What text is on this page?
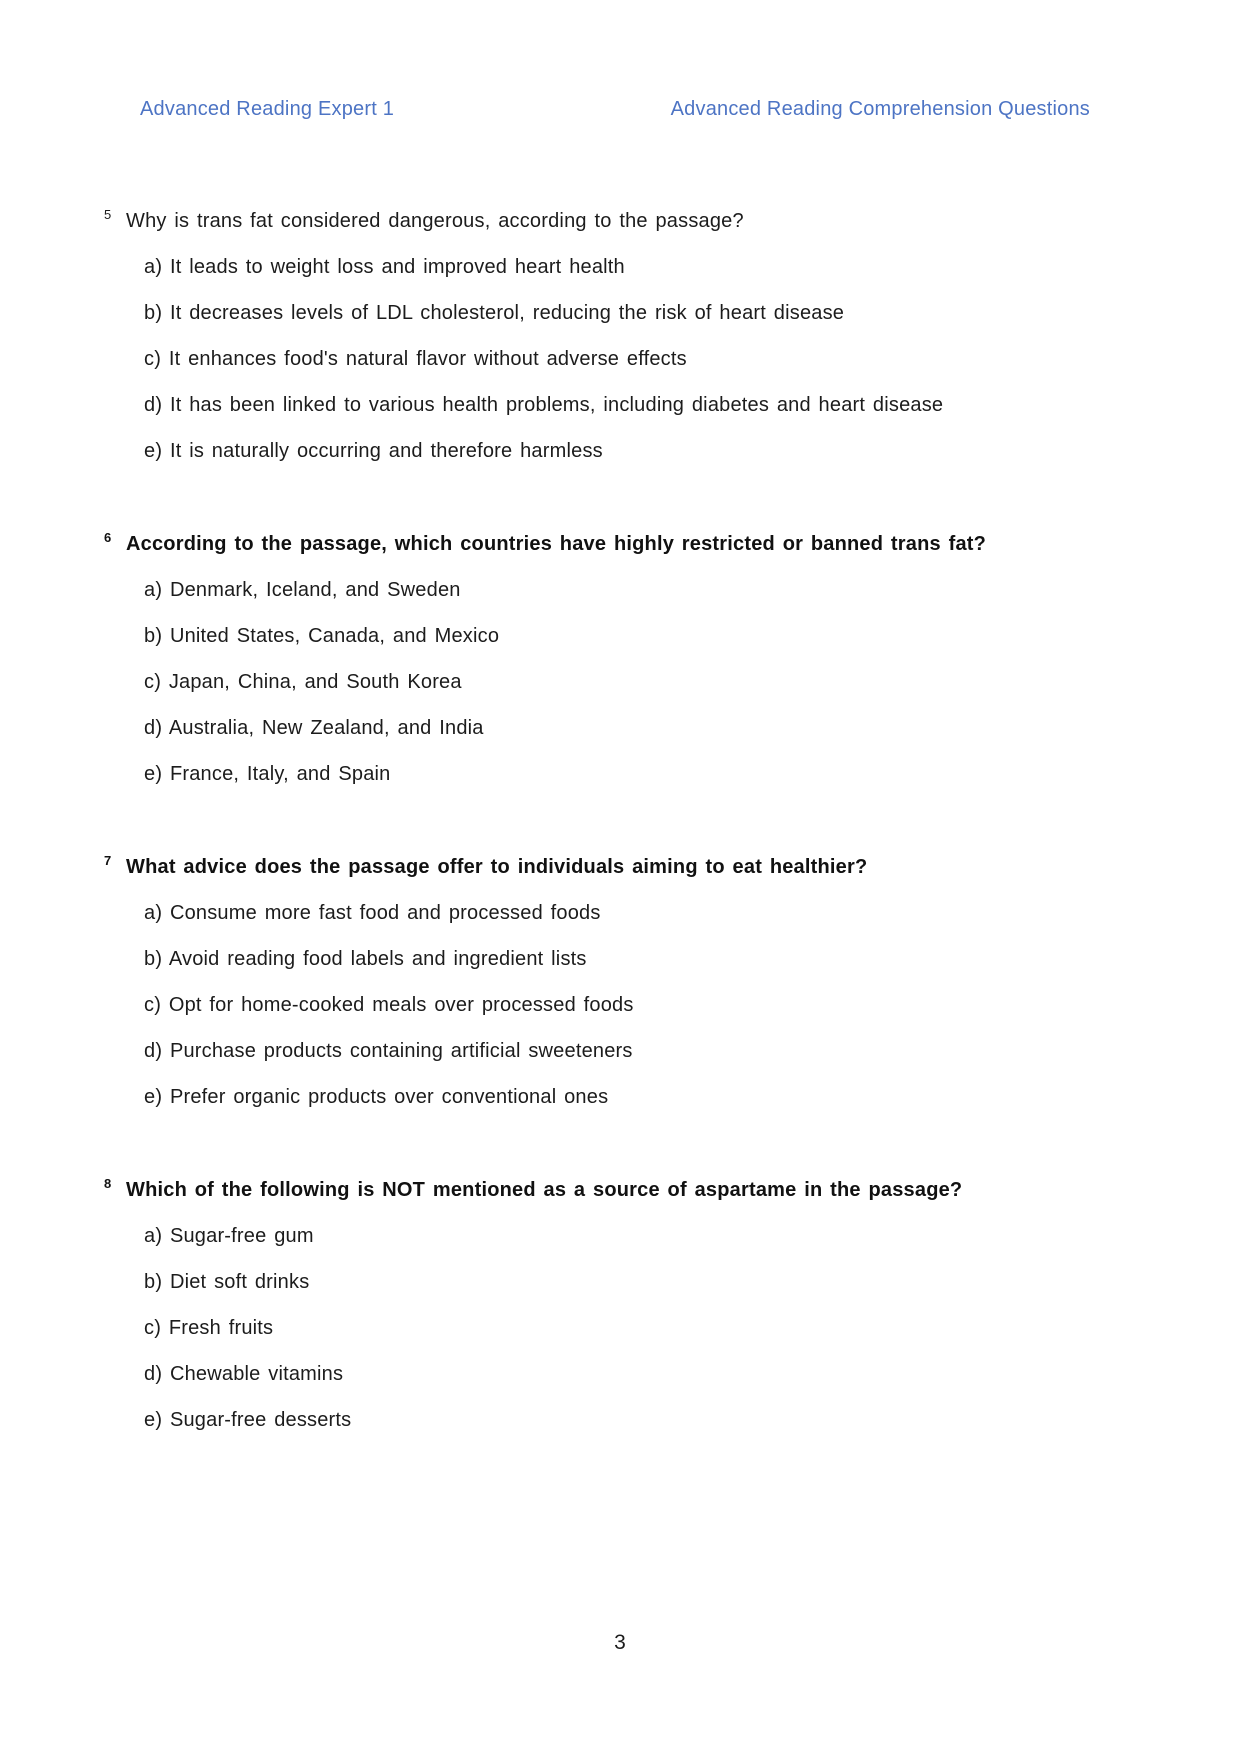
Advanced Reading Expert 1	Advanced Reading Comprehension Questions
5 Why is trans fat considered dangerous, according to the passage?
a) It leads to weight loss and improved heart health
b) It decreases levels of LDL cholesterol, reducing the risk of heart disease
c) It enhances food's natural flavor without adverse effects
d) It has been linked to various health problems, including diabetes and heart disease
e) It is naturally occurring and therefore harmless
6 According to the passage, which countries have highly restricted or banned trans fat?
a) Denmark, Iceland, and Sweden
b) United States, Canada, and Mexico
c) Japan, China, and South Korea
d) Australia, New Zealand, and India
e) France, Italy, and Spain
7 What advice does the passage offer to individuals aiming to eat healthier?
a) Consume more fast food and processed foods
b) Avoid reading food labels and ingredient lists
c) Opt for home-cooked meals over processed foods
d) Purchase products containing artificial sweeteners
e) Prefer organic products over conventional ones
8 Which of the following is NOT mentioned as a source of aspartame in the passage?
a) Sugar-free gum
b) Diet soft drinks
c) Fresh fruits
d) Chewable vitamins
e) Sugar-free desserts
3
